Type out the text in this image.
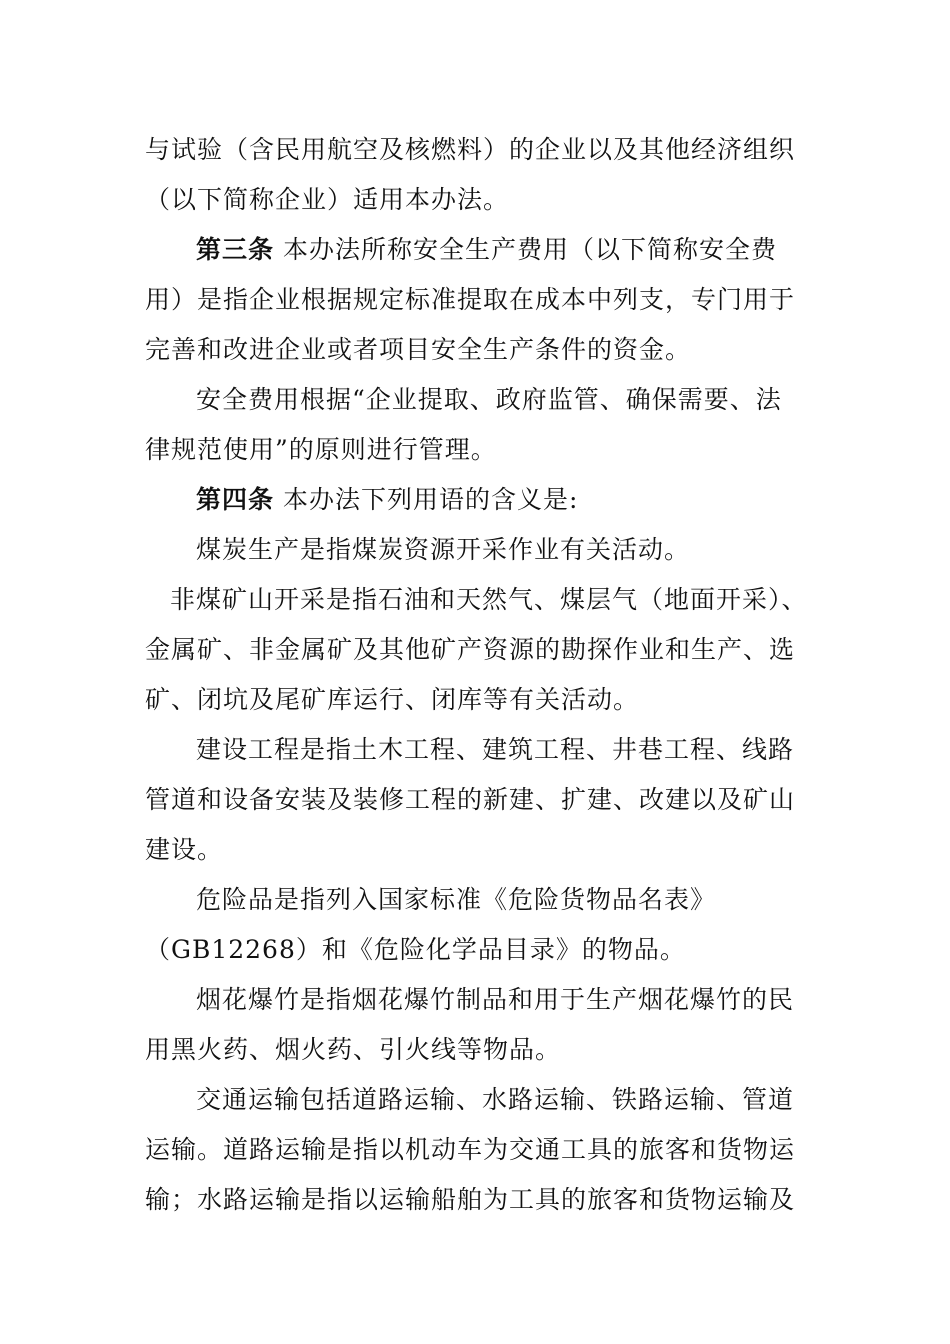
与试验（含民用航空及核燃料）的企业以及其他经济组织
（以下简称企业）适用本办法。
第三条 本办法所称安全生产费用（以下简称安全费
用）是指企业根据规定标准提取在成本中列支，专门用于
完善和改进企业或者项目安全生产条件的资金。
安全费用根据“企业提取、政府监管、确保需要、法
律规范使用”的原则进行管理。
第四条 本办法下列用语的含义是:
煤炭生产是指煤炭资源开采作业有关活动。
非煤矿山开采是指石油和天然气、煤层气（地面开采）、
金属矿、非金属矿及其他矿产资源的勘探作业和生产、选
矿、闭坑及尾矿库运行、闭库等有关活动。
建设工程是指土木工程、建筑工程、井巷工程、线路
管道和设备安装及装修工程的新建、扩建、改建以及矿山
建设。
危险品是指列入国家标准《危险货物品名表》
（GB12268）和《危险化学品目录》的物品。
烟花爆竹是指烟花爆竹制品和用于生产烟花爆竹的民
用黑火药、烟火药、引火线等物品。
交通运输包括道路运输、水路运输、铁路运输、管道
运输。道路运输是指以机动车为交通工具的旅客和货物运
输；水路运输是指以运输船舶为工具的旅客和货物运输及
